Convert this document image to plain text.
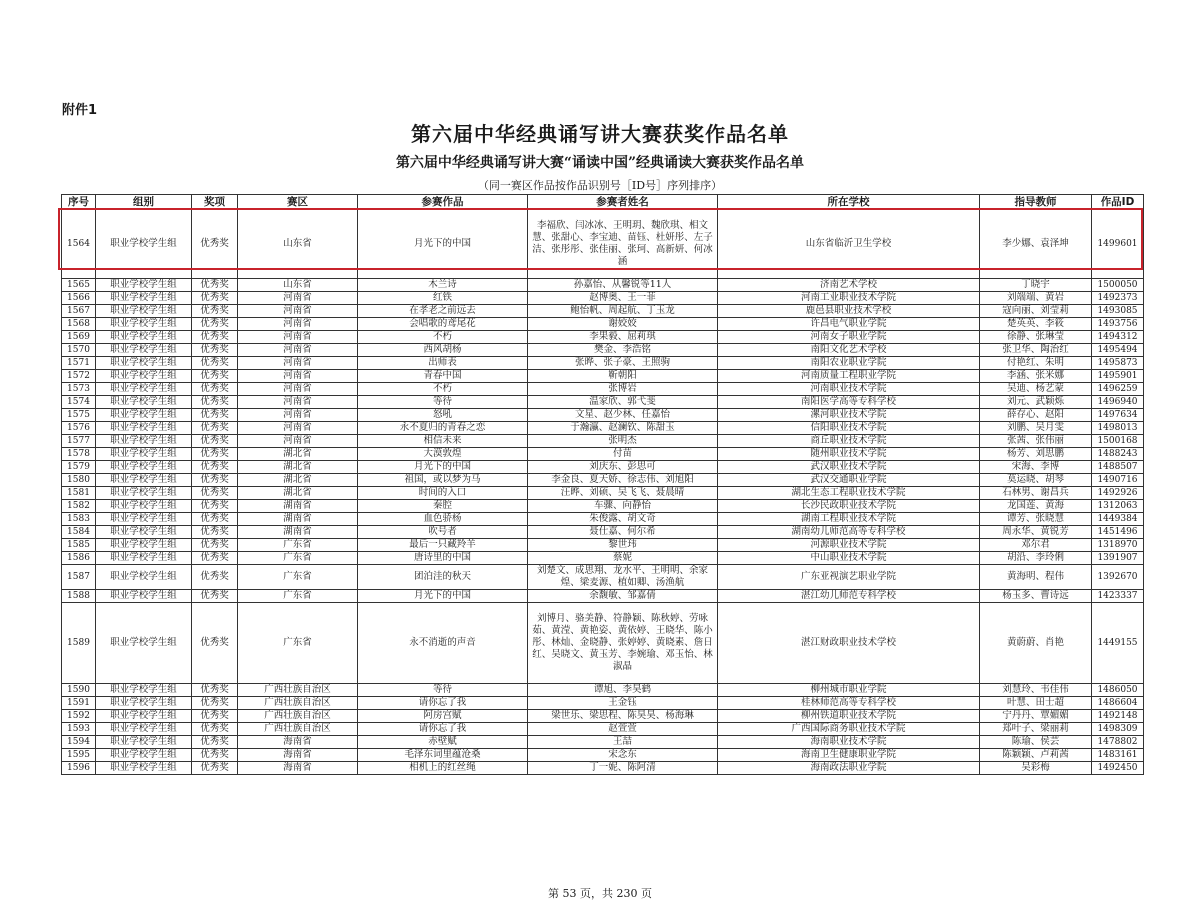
附件1
第六届中华经典诵写讲大赛获奖作品名单
第六届中华经典诵写讲大赛“诵读中国”经典诵读大赛获奖作品名单
（同一赛区作品按作品识别号［ID号］序列排序）
序号	组别	奖项	赛区	参赛作品	参赛者姓名	所在学校	指导教师	作品ID
1564	职业学校学生组	优秀奖	山东省	月光下的中国	李福欣、闫冰冰、王明玥、魏欣琪、相文慧、张甜心、李宝迪、苗钰、杜妍彤、左子洁、张彤彤、张佳丽、张珂、高新妍、何冰涵	山东省临沂卫生学校	李少娜、袁泽坤	1499601
1565	职业学校学生组	优秀奖	山东省	木兰诗	孙嘉怡、从馨锐等11人	济南艺术学校	丁晓宇	1500050
1566	职业学校学生组	优秀奖	河南省	红铁	赵博奥、王一菲	河南工业职业技术学院	刘端端、黄岩	1492373
1567	职业学校学生组	优秀奖	河南省	在孝老之前远去	鲍怡帆、周起航、丁玉龙	鹿邑县职业技术学校	寇向丽、刘莹莉	1493085
1568	职业学校学生组	优秀奖	河南省	会唱歌的鸢尾花	谢姣姣	许昌电气职业学院	楚英英、李筱	1493756
1569	职业学校学生组	优秀奖	河南省	不朽	李果毅、屈莉琪	河南女子职业学院	徐静、张琳莹	1494312
1570	职业学校学生组	优秀奖	河南省	西风胡杨	樊金、李浩铭	南阳文化艺术学校	张卫华、陶治红	1495494
1571	职业学校学生组	优秀奖	河南省	出师表	张晔、张子豪、王照驹	南阳农业职业学院	付艳红、朱明	1495873
1572	职业学校学生组	优秀奖	河南省	青春中国	靳朝阳	河南质量工程职业学院	李涵、张米娜	1495901
1573	职业学校学生组	优秀奖	河南省	不朽	张博岩	河南职业技术学院	吴迪、杨艺蒙	1496259
1574	职业学校学生组	优秀奖	河南省	等待	温家欣、郭弋斐	南阳医学高等专科学校	刘元、武颖烁	1496940
1575	职业学校学生组	优秀奖	河南省	怒吼	文星、赵少林、任嘉怡	漯河职业技术学院	薛存心、赵阳	1497634
1576	职业学校学生组	优秀奖	河南省	永不夏归的青春之恋	于瀚瀛、赵澜钦、陈甜玉	信阳职业技术学院	刘鹏、吴月雯	1498013
1577	职业学校学生组	优秀奖	河南省	相信未来	张明杰	商丘职业技术学院	张茜、张伟丽	1500168
1578	职业学校学生组	优秀奖	湖北省	大漠敦煌	付苗	随州职业技术学院	杨芳、刘思鹏	1488243
1579	职业学校学生组	优秀奖	湖北省	月光下的中国	刘庆东、彭思可	武汉职业技术学院	宋海、李博	1488507
1580	职业学校学生组	优秀奖	湖北省	祖国，或以梦为马	李金良、夏天娇、徐志伟、刘旭阳	武汉交通职业学院	莫运晓、胡琴	1490716
1581	职业学校学生组	优秀奖	湖北省	时间的入口	汪晔、刘硕、吴飞飞、聂晨晴	湖北生态工程职业技术学院	石林男、谢昌兵	1492926
1582	职业学校学生组	优秀奖	湖南省	秦腔	车骤、向静怡	长沙民政职业技术学院	龙国莲、黄海	1312063
1583	职业学校学生组	优秀奖	湖南省	血色骄杨	朱俊露、胡文奇	湖南工程职业技术学院	谭芳、张晓慧	1449384
1584	职业学校学生组	优秀奖	湖南省	吹号者	聂仕嘉、何尔希	湖南幼儿师范高等专科学校	周永华、黄锐芳	1451496
1585	职业学校学生组	优秀奖	广东省	最后一只藏羚羊	黎世玮	河源职业技术学院	邓尔君	1318970
1586	职业学校学生组	优秀奖	广东省	唐诗里的中国	蔡妮	中山职业技术学院	胡沿、李玲俐	1391907
1587	职业学校学生组	优秀奖	广东省	团泊洼的秋天	刘楚文、成思翔、龙水平、王明明、余家煌、梁麦源、植如卿、汤渔航	广东亚视演艺职业学院	黄海明、程伟	1392670
1588	职业学校学生组	优秀奖	广东省	月光下的中国	余馥敏、邹嘉倩	湛江幼儿师范专科学校	杨玉多、曹诗远	1423337
1589	职业学校学生组	优秀奖	广东省	永不消逝的声音	刘博月、骆美静、符静颖、陈秋婷、劳咏茹、黄滢、黄艳姿、黄依婷、王晓华、陈小彤、林灿、金晓静、张婷婷、黄晓素、詹日红、吴晓文、黄玉芳、李婉瑜、邓玉怡、林淑晶	湛江财政职业技术学校	黄蔚蔚、肖艳	1449155
1590	职业学校学生组	优秀奖	广西壮族自治区	等待	谭旭、李昊鹤	柳州城市职业学院	刘慧玲、韦佳伟	1486050
1591	职业学校学生组	优秀奖	广西壮族自治区	请你忘了我	王金钰	桂林师范高等专科学校	叶慧、田士超	1486604
1592	职业学校学生组	优秀奖	广西壮族自治区	阿房宫赋	梁世乐、梁思程、陈昊昊、杨海琳	柳州铁道职业技术学院	宁丹丹、覃媚媚	1492148
1593	职业学校学生组	优秀奖	广西壮族自治区	请你忘了我	赵萱萱	广西国际商务职业技术学院	郑叶子、梁丽莉	1498309
1594	职业学校学生组	优秀奖	海南省	赤壁赋	王喆	海南职业技术学院	陈瑜、侯芸	1478802
1595	职业学校学生组	优秀奖	海南省	毛泽东词里蕴沧桑	宋念东	海南卫生健康职业学院	陈颖颖、卢莉茜	1483161
1596	职业学校学生组	优秀奖	海南省	相机上的红丝绳	丁一妮、陈阿清	海南政法职业学院	吴彩梅	1492450
第 53 页，共 230 页
